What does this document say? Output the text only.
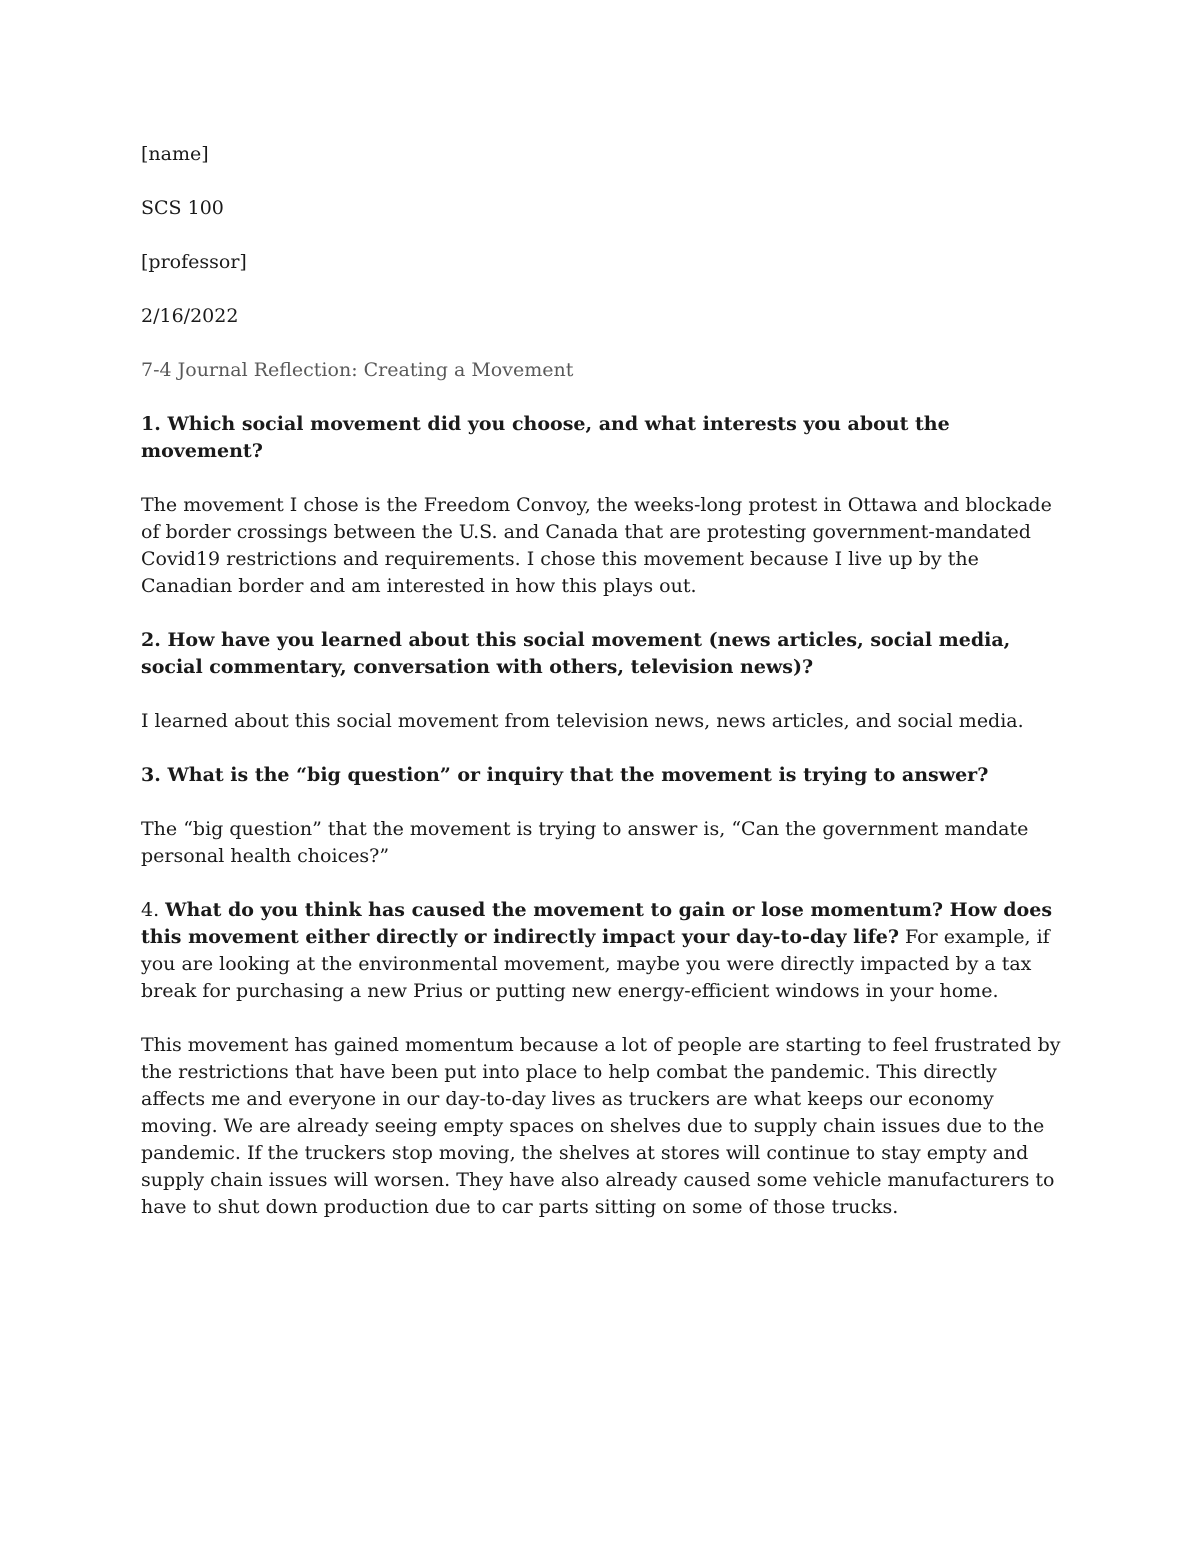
[name]

SCS 100

[professor]

2/16/2022

7-4 Journal Reflection: Creating a Movement

1. Which social movement did you choose, and what interests you about the movement?

The movement I chose is the Freedom Convoy, the weeks-long protest in Ottawa and blockade of border crossings between the U.S. and Canada that are protesting government-mandated Covid19 restrictions and requirements. I chose this movement because I live up by the Canadian border and am interested in how this plays out.

2. How have you learned about this social movement (news articles, social media, social commentary, conversation with others, television news)?

I learned about this social movement from television news, news articles, and social media.

3. What is the “big question” or inquiry that the movement is trying to answer?

The “big question” that the movement is trying to answer is, “Can the government mandate personal health choices?”

4. What do you think has caused the movement to gain or lose momentum? How does this movement either directly or indirectly impact your day-to-day life? For example, if you are looking at the environmental movement, maybe you were directly impacted by a tax break for purchasing a new Prius or putting new energy-efficient windows in your home.

This movement has gained momentum because a lot of people are starting to feel frustrated by the restrictions that have been put into place to help combat the pandemic. This directly affects me and everyone in our day-to-day lives as truckers are what keeps our economy moving. We are already seeing empty spaces on shelves due to supply chain issues due to the pandemic. If the truckers stop moving, the shelves at stores will continue to stay empty and supply chain issues will worsen. They have also already caused some vehicle manufacturers to have to shut down production due to car parts sitting on some of those trucks.
